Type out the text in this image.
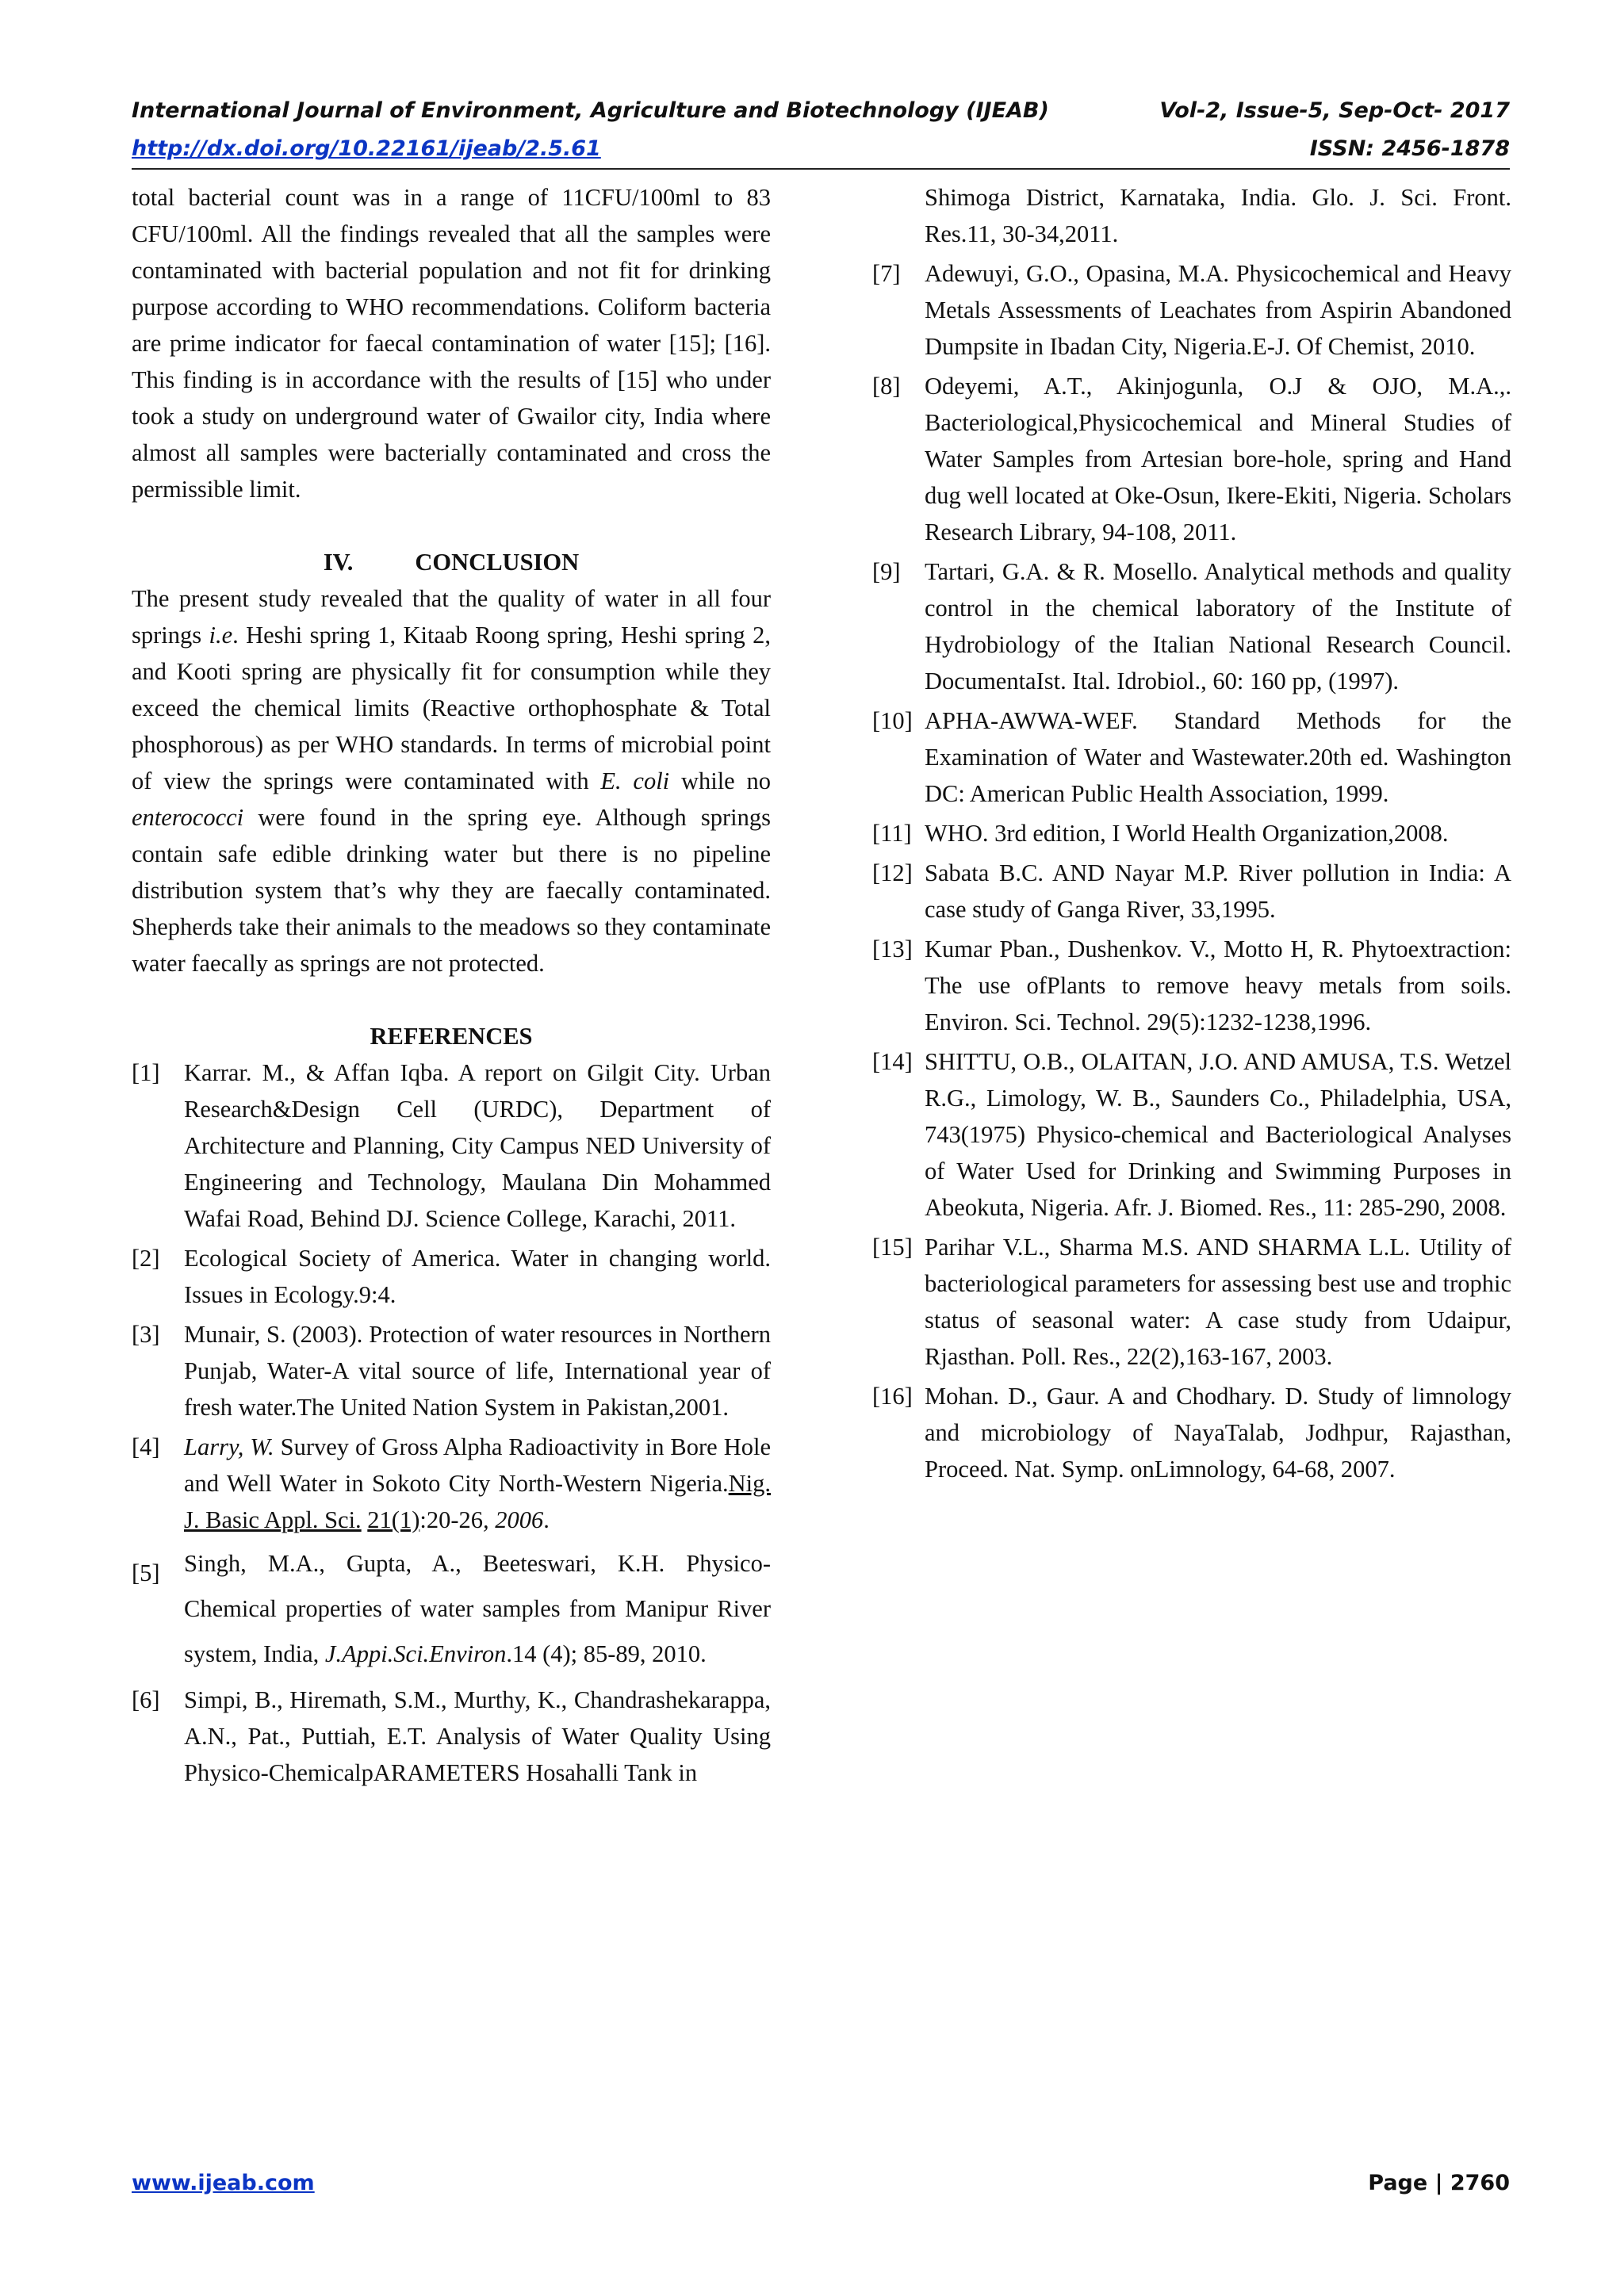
International Journal of Environment, Agriculture and Biotechnology (IJEAB)	Vol-2, Issue-5, Sep-Oct- 2017
http://dx.doi.org/10.22161/ijeab/2.5.61	ISSN: 2456-1878

total bacterial count was in a range of 11CFU/100ml to 83 CFU/100ml. All the findings revealed that all the samples were contaminated with bacterial population and not fit for drinking purpose according to WHO recommendations. Coliform bacteria are prime indicator for faecal contamination of water [15]; [16]. This finding is in accordance with the results of [15] who under took a study on underground water of Gwailor city, India where almost all samples were bacterially contaminated and cross the permissible limit.

IV.	CONCLUSION

The present study revealed that the quality of water in all four springs i.e. Heshi spring 1, Kitaab Roong spring, Heshi spring 2, and Kooti spring are physically fit for consumption while they exceed the chemical limits (Reactive orthophosphate & Total phosphorous) as per WHO standards. In terms of microbial point of view the springs were contaminated with E. coli while no enterococci were found in the spring eye. Although springs contain safe edible drinking water but there is no pipeline distribution system that’s why they are faecally contaminated. Shepherds take their animals to the meadows so they contaminate water faecally as springs are not protected.

REFERENCES

[1] Karrar. M., & Affan Iqba. A report on Gilgit City. Urban Research&Design Cell (URDC), Department of Architecture and Planning, City Campus NED University of Engineering and Technology, Maulana Din Mohammed Wafai Road, Behind DJ. Science College, Karachi, 2011.
[2] Ecological Society of America. Water in changing world. Issues in Ecology.9:4.
[3] Munair, S. (2003). Protection of water resources in Northern Punjab, Water-A vital source of life, International year of fresh water.The United Nation System in Pakistan,2001.
[4] Larry, W. Survey of Gross Alpha Radioactivity in Bore Hole and Well Water in Sokoto City North-Western Nigeria.Nig. J. Basic Appl. Sci. 21(1):20-26, 2006.
[5] Singh, M.A., Gupta, A., Beeteswari, K.H. Physico-Chemical properties of water samples from Manipur River system, India, J.Appi.Sci.Environ.14 (4); 85-89, 2010.
[6] Simpi, B., Hiremath, S.M., Murthy, K., Chandrashekarappa, A.N., Pat., Puttiah, E.T. Analysis of Water Quality Using Physico-ChemicalpARAMETERS Hosahalli Tank in

Shimoga District, Karnataka, India. Glo. J. Sci. Front. Res.11, 30-34,2011.

[7] Adewuyi, G.O., Opasina, M.A. Physicochemical and Heavy Metals Assessments of Leachates from Aspirin Abandoned Dumpsite in Ibadan City, Nigeria.E-J. Of Chemist, 2010.
[8] Odeyemi, A.T., Akinjogunla, O.J & OJO, M.A.,. Bacteriological,Physicochemical and Mineral Studies of Water Samples from Artesian bore-hole, spring and Hand dug well located at Oke-Osun, Ikere-Ekiti, Nigeria. Scholars Research Library, 94-108, 2011.
[9] Tartari, G.A. & R. Mosello. Analytical methods and quality control in the chemical laboratory of the Institute of Hydrobiology of the Italian National Research Council. DocumentaIst. Ital. Idrobiol., 60: 160 pp, (1997).
[10] APHA-AWWA-WEF. Standard Methods for the Examination of Water and Wastewater.20th ed. Washington DC: American Public Health Association, 1999.
[11] WHO. 3rd edition, I World Health Organization,2008.
[12] Sabata B.C. AND Nayar M.P. River pollution in India: A case study of Ganga River, 33,1995.
[13] Kumar Pban., Dushenkov. V., Motto H, R. Phytoextraction: The use ofPlants to remove heavy metals from soils. Environ. Sci. Technol. 29(5):1232-1238,1996.
[14] SHITTU, O.B., OLAITAN, J.O. AND AMUSA, T.S. Wetzel R.G., Limology, W. B., Saunders Co., Philadelphia, USA, 743(1975) Physico-chemical and Bacteriological Analyses of Water Used for Drinking and Swimming Purposes in Abeokuta, Nigeria. Afr. J. Biomed. Res., 11: 285-290, 2008.
[15] Parihar V.L., Sharma M.S. AND SHARMA L.L. Utility of bacteriological parameters for assessing best use and trophic status of seasonal water: A case study from Udaipur, Rjasthan. Poll. Res., 22(2),163-167, 2003.
[16] Mohan. D., Gaur. A and Chodhary. D. Study of limnology and microbiology of NayaTalab, Jodhpur, Rajasthan, Proceed. Nat. Symp. onLimnology, 64-68, 2007.
www.ijeab.com	Page | 2760
